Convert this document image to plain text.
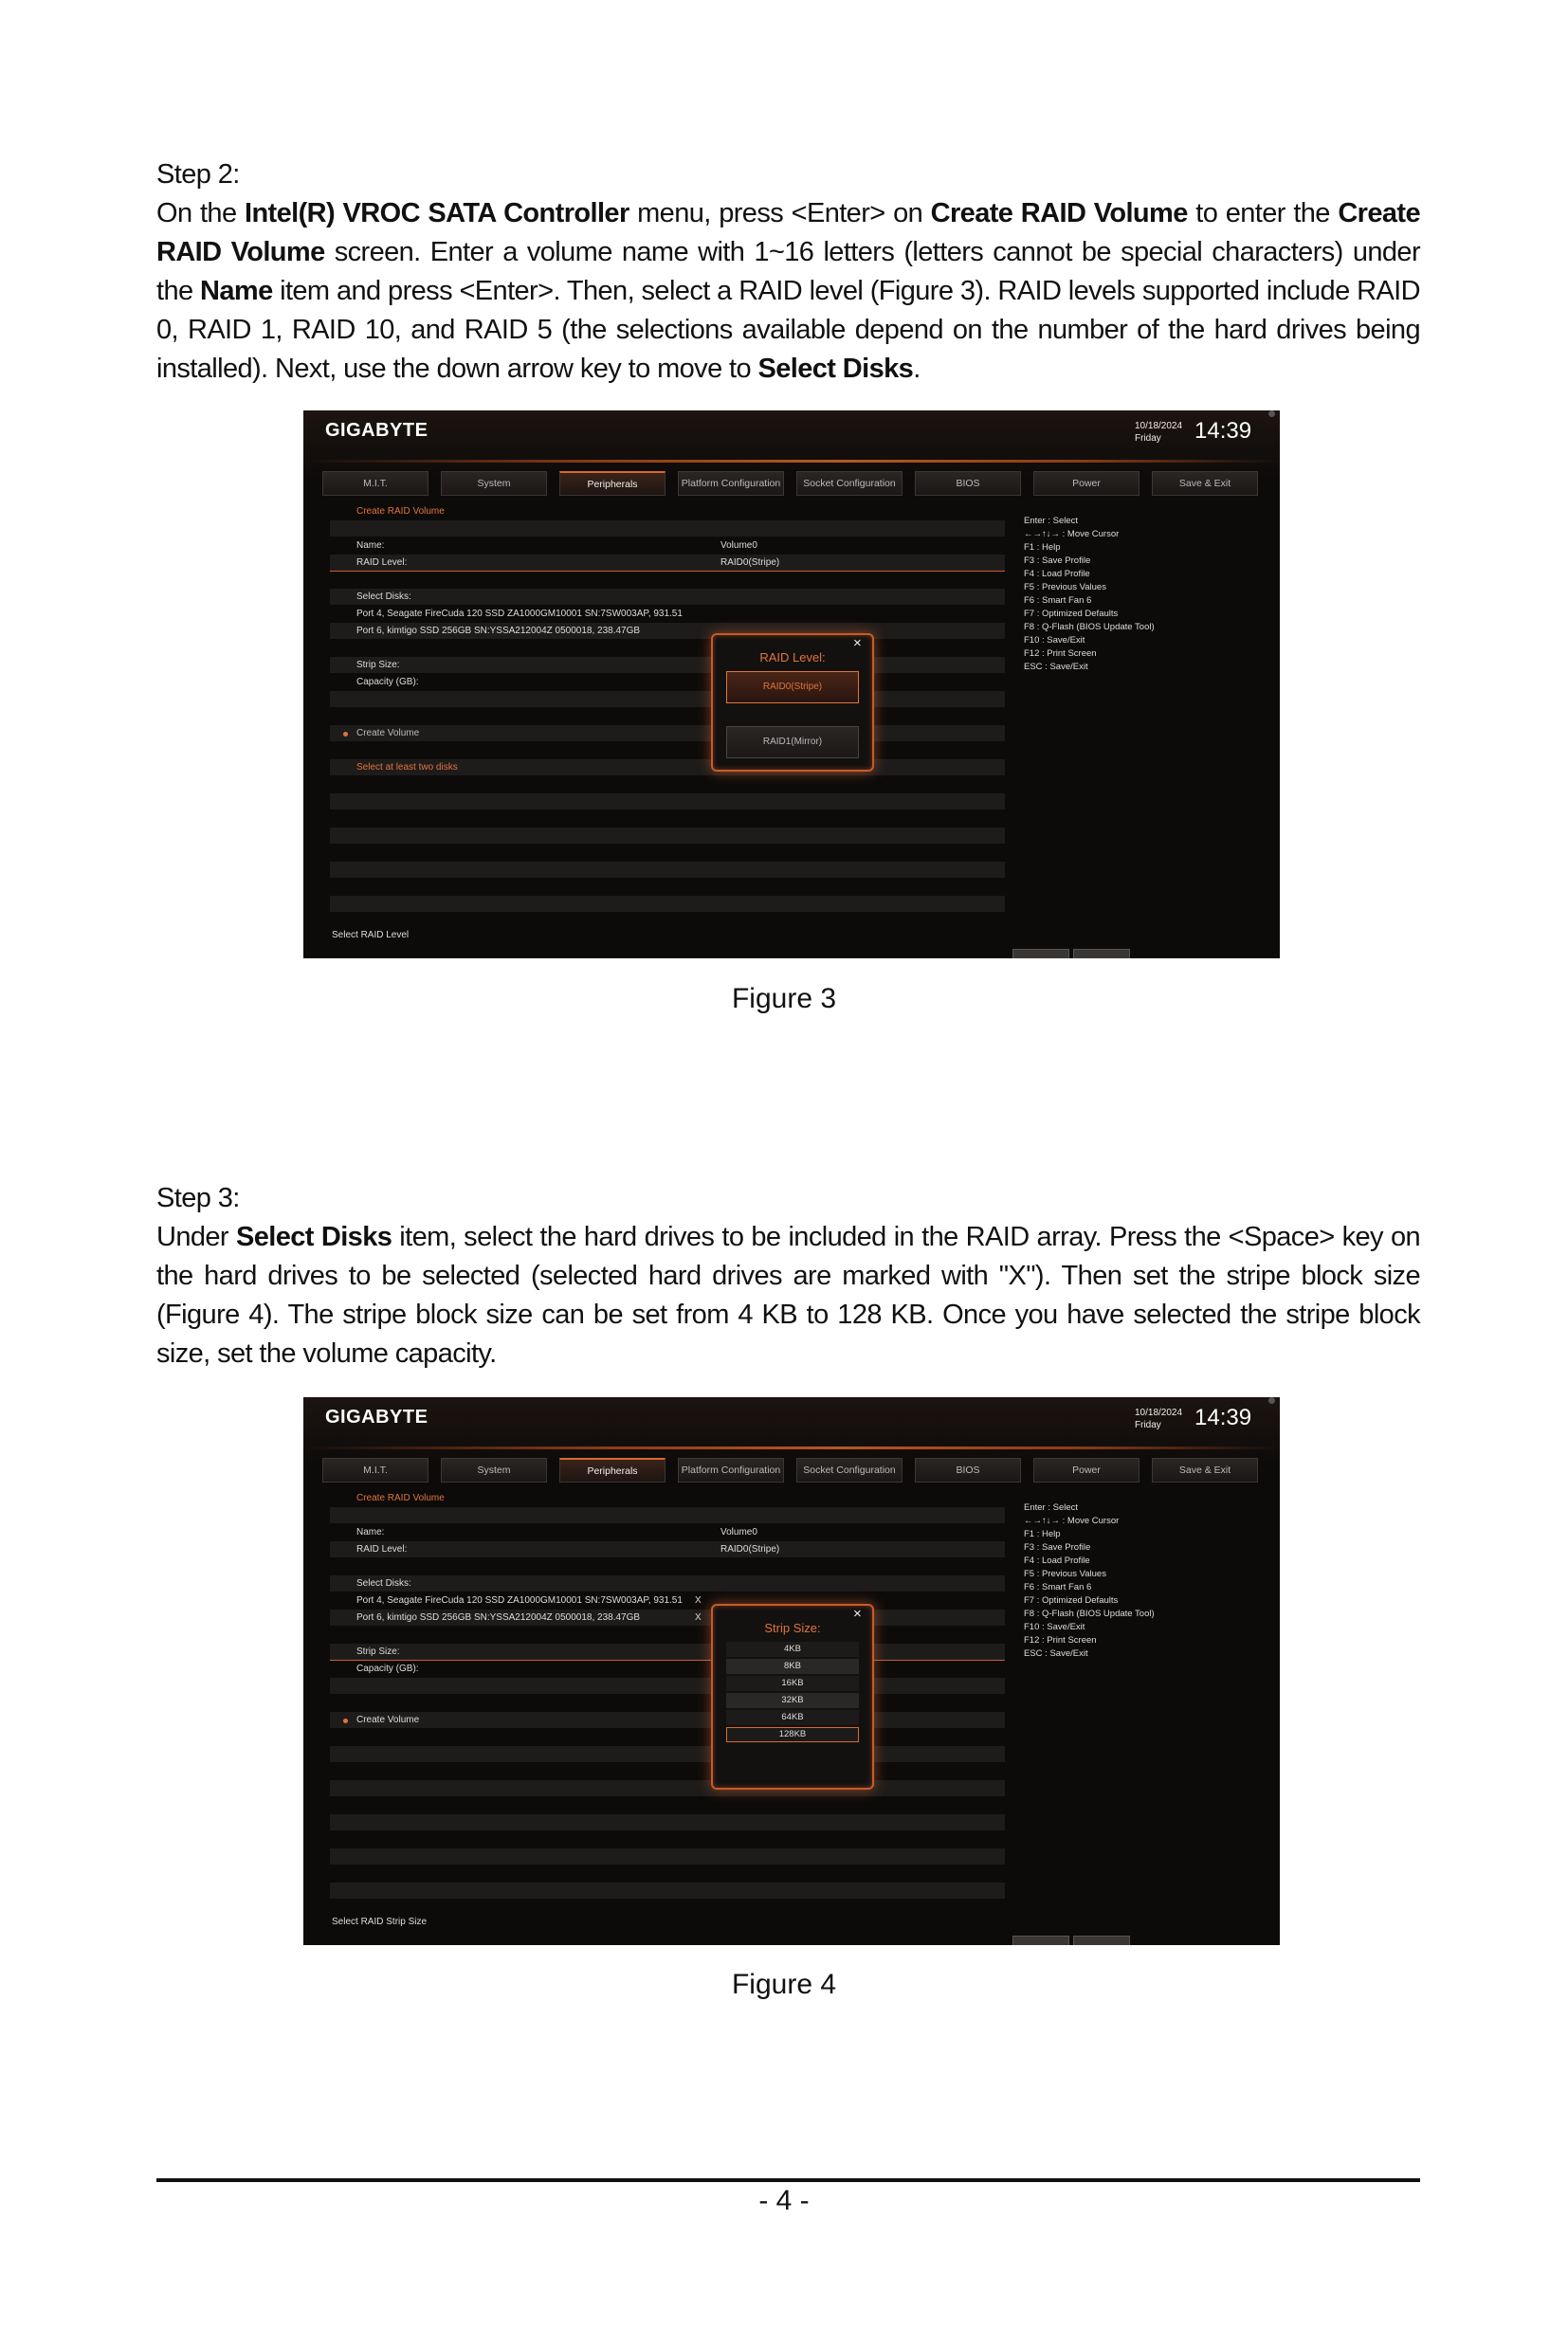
Step 2:
On the Intel(R) VROC SATA Controller menu, press <Enter> on Create RAID Volume to enter the Create RAID Volume screen. Enter a volume name with 1~16 letters (letters cannot be special characters) under the Name item and press <Enter>. Then, select a RAID level (Figure 3). RAID levels supported include RAID 0, RAID 1, RAID 10, and RAID 5 (the selections available depend on the number of the hard drives being installed). Next, use the down arrow key to move to Select Disks.
GIGABYTE	10/18/2024
Friday	14:39
M.I.T.	System	Peripherals	Platform Configuration	Socket Configuration	BIOS	Power	Save & Exit
Create RAID Volume
Name:	Volume0
RAID Level:	RAID0(Stripe)
Select Disks:
Port 4, Seagate FireCuda 120 SSD ZA1000GM10001 SN:7SW003AP, 931.51
Port 6, kimtigo SSD 256GB SN:YSSA212004Z 0500018, 238.47GB
Strip Size:
Capacity (GB):
Create Volume
Select at least two disks
Enter : Select
←→↑↓→ : Move Cursor
F1 : Help
F3 : Save Profile
F4 : Load Profile
F5 : Previous Values
F6 : Smart Fan 6
F7 : Optimized Defaults
F8 : Q-Flash (BIOS Update Tool)
F10 : Save/Exit
F12 : Print Screen
ESC : Save/Exit
Select RAID Level
×
RAID Level:
RAID0(Stripe)
RAID1(Mirror)
Figure 3
Step 3:
Under Select Disks item, select the hard drives to be included in the RAID array. Press the <Space> key on the hard drives to be selected (selected hard drives are marked with "X"). Then set the stripe block size (Figure 4). The stripe block size can be set from 4 KB to 128 KB. Once you have selected the stripe block size, set the volume capacity.
GIGABYTE	10/18/2024
Friday	14:39
M.I.T.	System	Peripherals	Platform Configuration	Socket Configuration	BIOS	Power	Save & Exit
Create RAID Volume
Name:	Volume0
RAID Level:	RAID0(Stripe)
Select Disks:
Port 4, Seagate FireCuda 120 SSD ZA1000GM10001 SN:7SW003AP, 931.51 X
Port 6, kimtigo SSD 256GB SN:YSSA212004Z 0500018, 238.47GB	X
Strip Size:
Capacity (GB):
Create Volume
Enter : Select
←→↑↓→ : Move Cursor
F1 : Help
F3 : Save Profile
F4 : Load Profile
F5 : Previous Values
F6 : Smart Fan 6
F7 : Optimized Defaults
F8 : Q-Flash (BIOS Update Tool)
F10 : Save/Exit
F12 : Print Screen
ESC : Save/Exit
Select RAID Strip Size
×
Strip Size:
4KB
8KB
16KB
32KB
64KB
128KB
Figure 4
- 4 -
